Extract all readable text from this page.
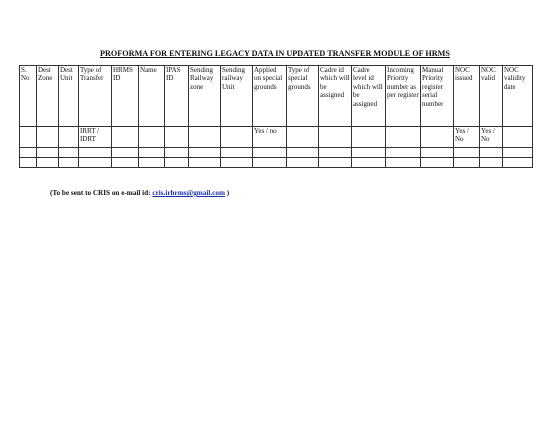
PROFORMA FOR ENTERING LEGACY DATA IN UPDATED TRANSFER MODULE OF HRMS
S. No	Dest Zone	Dest Unit	Type of Transfer	HRMS ID	Name	IPAS ID	Sending Railway zone	Sending railway Unit	Applied on special grounds	Type of special grounds	Cadre id which will be assigned	Cadre level id which will be assigned	Incoming Priority number as per register	Manual Priority register serial number	NOC issued	NOC valid	NOC validity date
			IRRT / IDRT						Yes / no						Yes / No	Yes / No	

(To be sent to CRIS on e-mail id: cris.irhrms@gmail.com )
